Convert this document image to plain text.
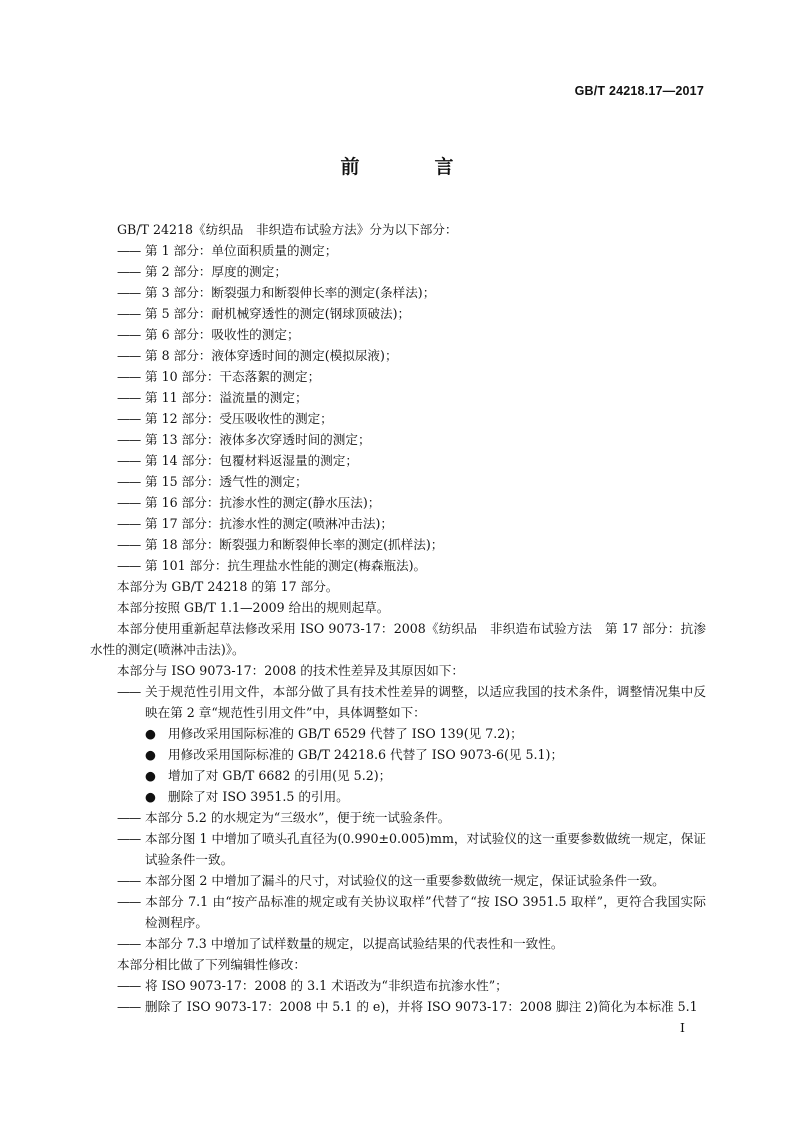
GB/T 24218.17—2017
前　言
GB/T 24218《纺织品　非织造布试验方法》分为以下部分：
—— 第 1 部分：单位面积质量的测定；
—— 第 2 部分：厚度的测定；
—— 第 3 部分：断裂强力和断裂伸长率的测定(条样法)；
—— 第 5 部分：耐机械穿透性的测定(钢球顶破法)；
—— 第 6 部分：吸收性的测定；
—— 第 8 部分：液体穿透时间的测定(模拟尿液)；
—— 第 10 部分：干态落絮的测定；
—— 第 11 部分：溢流量的测定；
—— 第 12 部分：受压吸收性的测定；
—— 第 13 部分：液体多次穿透时间的测定；
—— 第 14 部分：包覆材料返湿量的测定；
—— 第 15 部分：透气性的测定；
—— 第 16 部分：抗渗水性的测定(静水压法)；
—— 第 17 部分：抗渗水性的测定(喷淋冲击法)；
—— 第 18 部分：断裂强力和断裂伸长率的测定(抓样法)；
—— 第 101 部分：抗生理盐水性能的测定(梅森瓶法)。
本部分为 GB/T 24218 的第 17 部分。
本部分按照 GB/T 1.1—2009 给出的规则起草。
本部分使用重新起草法修改采用 ISO 9073-17：2008《纺织品　非织造布试验方法　第 17 部分：抗渗水性的测定(喷淋冲击法)》。
本部分与 ISO 9073-17：2008 的技术性差异及其原因如下：
—— 关于规范性引用文件，本部分做了具有技术性差异的调整，以适应我国的技术条件，调整情况集中反映在第 2 章“规范性引用文件”中，具体调整如下：
● 用修改采用国际标准的 GB/T 6529 代替了 ISO 139(见 7.2)；
● 用修改采用国际标准的 GB/T 24218.6 代替了 ISO 9073-6(见 5.1)；
● 增加了对 GB/T 6682 的引用(见 5.2)；
● 删除了对 ISO 3951.5 的引用。
—— 本部分 5.2 的水规定为“三级水”，便于统一试验条件。
—— 本部分图 1 中增加了喷头孔直径为(0.990±0.005)mm，对试验仪的这一重要参数做统一规定，保证试验条件一致。
—— 本部分图 2 中增加了漏斗的尺寸，对试验仪的这一重要参数做统一规定，保证试验条件一致。
—— 本部分 7.1 由“按产品标准的规定或有关协议取样”代替了“按 ISO 3951.5 取样”，更符合我国实际检测程序。
—— 本部分 7.3 中增加了试样数量的规定，以提高试验结果的代表性和一致性。
本部分相比做了下列编辑性修改：
—— 将 ISO 9073-17：2008 的 3.1 术语改为“非织造布抗渗水性”；
—— 删除了 ISO 9073-17：2008 中 5.1 的 e)，并将 ISO 9073-17：2008 脚注 2)简化为本标准 5.1
I
